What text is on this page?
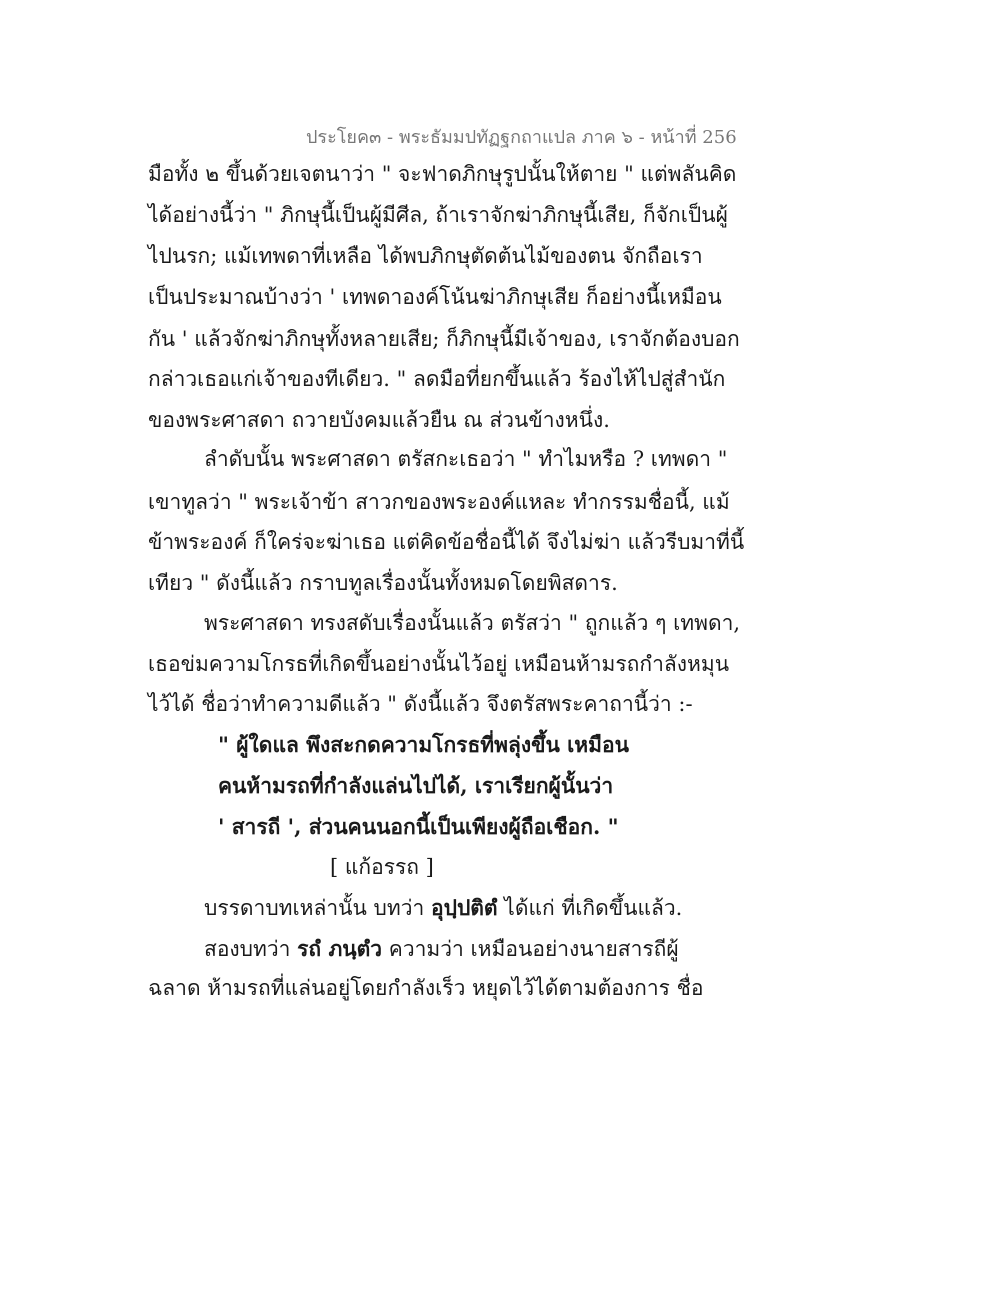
ประโยค๓ - พระธัมมปทัฏฐกถาแปล ภาค ๖ - หน้าที่ 256
มือทั้ง ๒ ขึ้นด้วยเจตนาว่า " จะฟาดภิกษุรูปนั้นให้ตาย " แต่พลันคิด
ได้อย่างนี้ว่า " ภิกษุนี้เป็นผู้มีศีล, ถ้าเราจักฆ่าภิกษุนี้เสีย, ก็จักเป็นผู้
ไปนรก; แม้เทพดาที่เหลือ ได้พบภิกษุตัดต้นไม้ของตน จักถือเรา
เป็นประมาณบ้างว่า ' เทพดาองค์โน้นฆ่าภิกษุเสีย ก็อย่างนี้เหมือน
กัน ' แล้วจักฆ่าภิกษุทั้งหลายเสีย; ก็ภิกษุนี้มีเจ้าของ, เราจักต้องบอก
กล่าวเธอแก่เจ้าของทีเดียว. " ลดมือที่ยกขึ้นแล้ว ร้องไห้ไปสู่สำนัก
ของพระศาสดา ถวายบังคมแล้วยืน ณ ส่วนข้างหนึ่ง.
ลำดับนั้น พระศาสดา ตรัสกะเธอว่า " ทำไมหรือ ? เทพดา "
เขาทูลว่า " พระเจ้าข้า สาวกของพระองค์แหละ ทำกรรมชื่อนี้, แม้
ข้าพระองค์ ก็ใคร่จะฆ่าเธอ แต่คิดข้อชื่อนี้ได้ จึงไม่ฆ่า แล้วรีบมาที่นี้
เทียว " ดังนี้แล้ว กราบทูลเรื่องนั้นทั้งหมดโดยพิสดาร.
พระศาสดา ทรงสดับเรื่องนั้นแล้ว ตรัสว่า " ถูกแล้ว ๆ เทพดา,
เธอข่มความโกรธที่เกิดขึ้นอย่างนั้นไว้อยู่ เหมือนห้ามรถกำลังหมุน
ไว้ได้ ชื่อว่าทำความดีแล้ว " ดังนี้แล้ว จึงตรัสพระคาถานี้ว่า :-
" ผู้ใดแล พึงสะกดความโกรธที่พลุ่งขึ้น เหมือน
คนห้ามรถที่กำลังแล่นไปได้, เราเรียกผู้นั้นว่า
' สารถี ', ส่วนคนนอกนี้เป็นเพียงผู้ถือเชือก. "
[ แก้อรรถ ]
บรรดาบทเหล่านั้น บทว่า อุปฺปติตํ ได้แก่ ที่เกิดขึ้นแล้ว.
สองบทว่า รถํ ภนฺตํว ความว่า เหมือนอย่างนายสารถีผู้
ฉลาด ห้ามรถที่แล่นอยู่โดยกำลังเร็ว หยุดไว้ได้ตามต้องการ ชื่อ
